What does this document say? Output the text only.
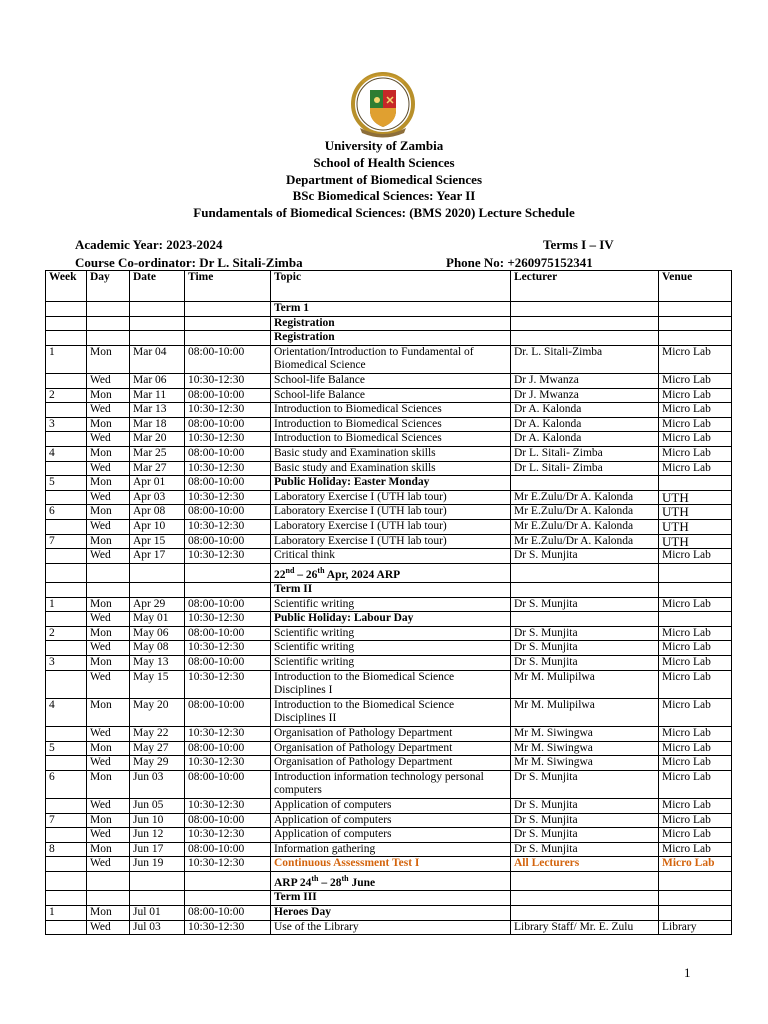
University of Zambia
School of Health Sciences
Department of Biomedical Sciences
BSc Biomedical Sciences: Year II
Fundamentals of Biomedical Sciences: (BMS 2020) Lecture Schedule
Academic Year: 2023-2024	Terms I – IV
Course Co-ordinator: Dr L. Sitali-Zimba	Phone No: +260975152341
Week	Day	Date	Time	Topic	Lecturer	Venue
				Term 1		
				Registration		
				Registration		
1	Mon	Mar 04	08:00-10:00	Orientation/Introduction to Fundamental of Biomedical Science	Dr. L. Sitali-Zimba	Micro Lab
	Wed	Mar 06	10:30-12:30	School-life Balance	Dr J. Mwanza	Micro Lab
2	Mon	Mar 11	08:00-10:00	School-life Balance	Dr J. Mwanza	Micro Lab
	Wed	Mar 13	10:30-12:30	Introduction to Biomedical Sciences	Dr A. Kalonda	Micro Lab
3	Mon	Mar 18	08:00-10:00	Introduction to Biomedical Sciences	Dr A. Kalonda	Micro Lab
	Wed	Mar 20	10:30-12:30	Introduction to Biomedical Sciences	Dr A. Kalonda	Micro Lab
4	Mon	Mar 25	08:00-10:00	Basic study and Examination skills	Dr L. Sitali- Zimba	Micro Lab
	Wed	Mar 27	10:30-12:30	Basic study and Examination skills	Dr L. Sitali- Zimba	Micro Lab
5	Mon	Apr 01	08:00-10:00	Public Holiday: Easter Monday		
	Wed	Apr 03	10:30-12:30	Laboratory Exercise I (UTH lab tour)	Mr E.Zulu/Dr A. Kalonda	UTH
6	Mon	Apr 08	08:00-10:00	Laboratory Exercise I (UTH lab tour)	Mr E.Zulu/Dr A. Kalonda	UTH
	Wed	Apr 10	10:30-12:30	Laboratory Exercise I (UTH lab tour)	Mr E.Zulu/Dr A. Kalonda	UTH
7	Mon	Apr 15	08:00-10:00	Laboratory Exercise I (UTH lab tour)	Mr E.Zulu/Dr A. Kalonda	UTH
	Wed	Apr 17	10:30-12:30	Critical think	Dr S. Munjita	Micro Lab
				22nd – 26th Apr, 2024 ARP		
				Term II		
1	Mon	Apr 29	08:00-10:00	Scientific writing	Dr S. Munjita	Micro Lab
	Wed	May 01	10:30-12:30	Public Holiday: Labour Day		
2	Mon	May 06	08:00-10:00	Scientific writing	Dr S. Munjita	Micro Lab
	Wed	May 08	10:30-12:30	Scientific writing	Dr S. Munjita	Micro Lab
3	Mon	May 13	08:00-10:00	Scientific writing	Dr S. Munjita	Micro Lab
	Wed	May 15	10:30-12:30	Introduction to the Biomedical Science Disciplines I	Mr M. Mulipilwa	Micro Lab
4	Mon	May 20	08:00-10:00	Introduction to the Biomedical Science Disciplines II	Mr M. Mulipilwa	Micro Lab
	Wed	May 22	10:30-12:30	Organisation of Pathology Department	Mr M. Siwingwa	Micro Lab
5	Mon	May 27	08:00-10:00	Organisation of Pathology Department	Mr M. Siwingwa	Micro Lab
	Wed	May 29	10:30-12:30	Organisation of Pathology Department	Mr M. Siwingwa	Micro Lab
6	Mon	Jun 03	08:00-10:00	Introduction information technology personal computers	Dr S. Munjita	Micro Lab
	Wed	Jun 05	10:30-12:30	Application of computers	Dr S. Munjita	Micro Lab
7	Mon	Jun 10	08:00-10:00	Application of computers	Dr S. Munjita	Micro Lab
	Wed	Jun 12	10:30-12:30	Application of computers	Dr S. Munjita	Micro Lab
8	Mon	Jun 17	08:00-10:00	Information gathering	Dr S. Munjita	Micro Lab
	Wed	Jun 19	10:30-12:30	Continuous Assessment Test I	All Lecturers	Micro Lab
				ARP 24th – 28th June		
				Term III		
1	Mon	Jul 01	08:00-10:00	Heroes Day		
	Wed	Jul 03	10:30-12:30	Use of the Library	Library Staff/ Mr. E. Zulu	Library
1
